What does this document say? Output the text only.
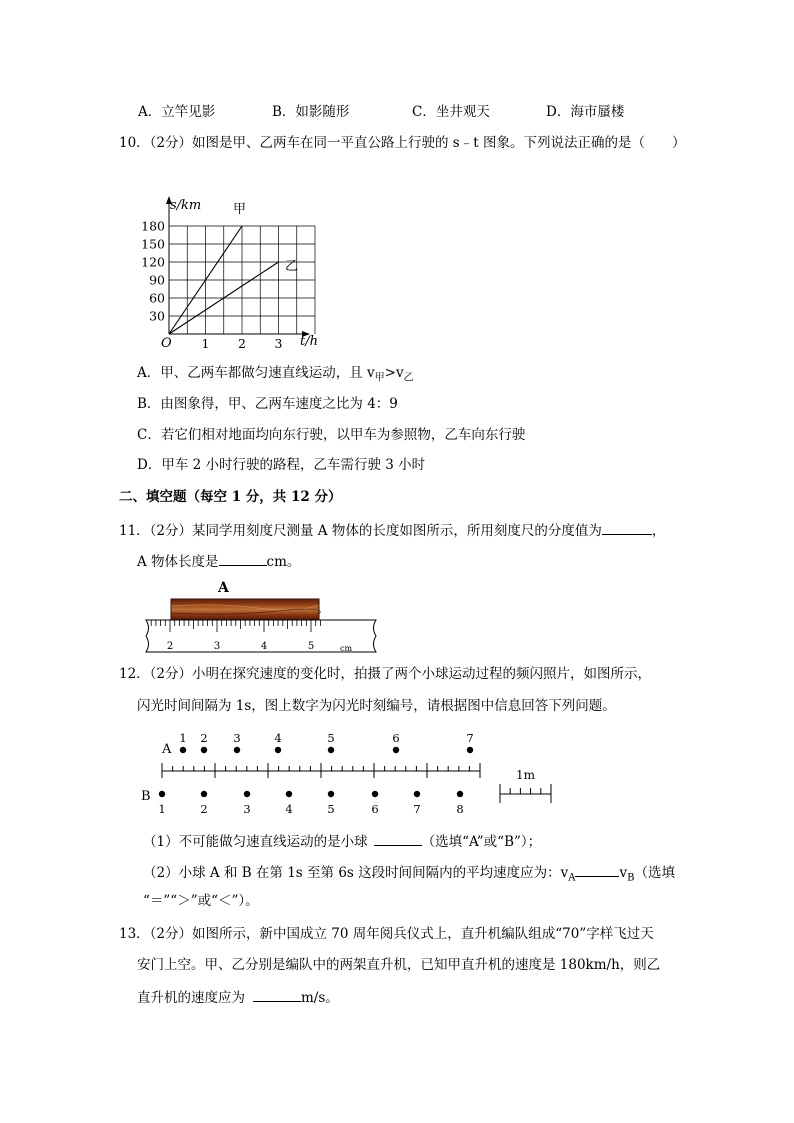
A．立竿见影	B．如影随形	C．坐井观天	D．海市蜃楼
10．（2分）如图是甲、乙两车在同一平直公路上行驶的 s﹣t 图象。下列说法正确的是（　　）
30
60
90
120
150
180
1 2 3
s/km
t/h
O
甲
乙
A．甲、乙两车都做匀速直线运动，且 $v_甲>v_乙$
B．由图象得，甲、乙两车速度之比为 4：9
C．若它们相对地面均向东行驶，以甲车为参照物，乙车向东行驶
D．甲车 2 小时行驶的路程，乙车需行驶 3 小时
二、填空题（每空 1 分，共 12 分）
11．（2分）某同学用刻度尺测量 A 物体的长度如图所示，所用刻度尺的分度值为	，
A 物体长度是	cm。
A
2	3	4	5	cm
12．（2分）小明在探究速度的变化时，拍摄了两个小球运动过程的频闪照片，如图所示，
闪光时间间隔为 1s，图上数字为闪光时刻编号，请根据图中信息回答下列问题。
A
B
1 2 3	4	5	6	7
1	2	3	4	5	6	7	8
1m
（1）不可能做匀速直线运动的是小球	（选填“A”或“B”）；
（2）小球 A 和 B 在第 1s 至第 6s 这段时间间隔内的平均速度应为：$v_A$	$v_B$（选填
“＝”“＞”或“＜”）。
13．（2分）如图所示，新中国成立 70 周年阅兵仪式上，直升机编队组成“70”字样飞过天
安门上空。甲、乙分别是编队中的两架直升机，已知甲直升机的速度是 180km/h，则乙
直升机的速度应为	m/s。
